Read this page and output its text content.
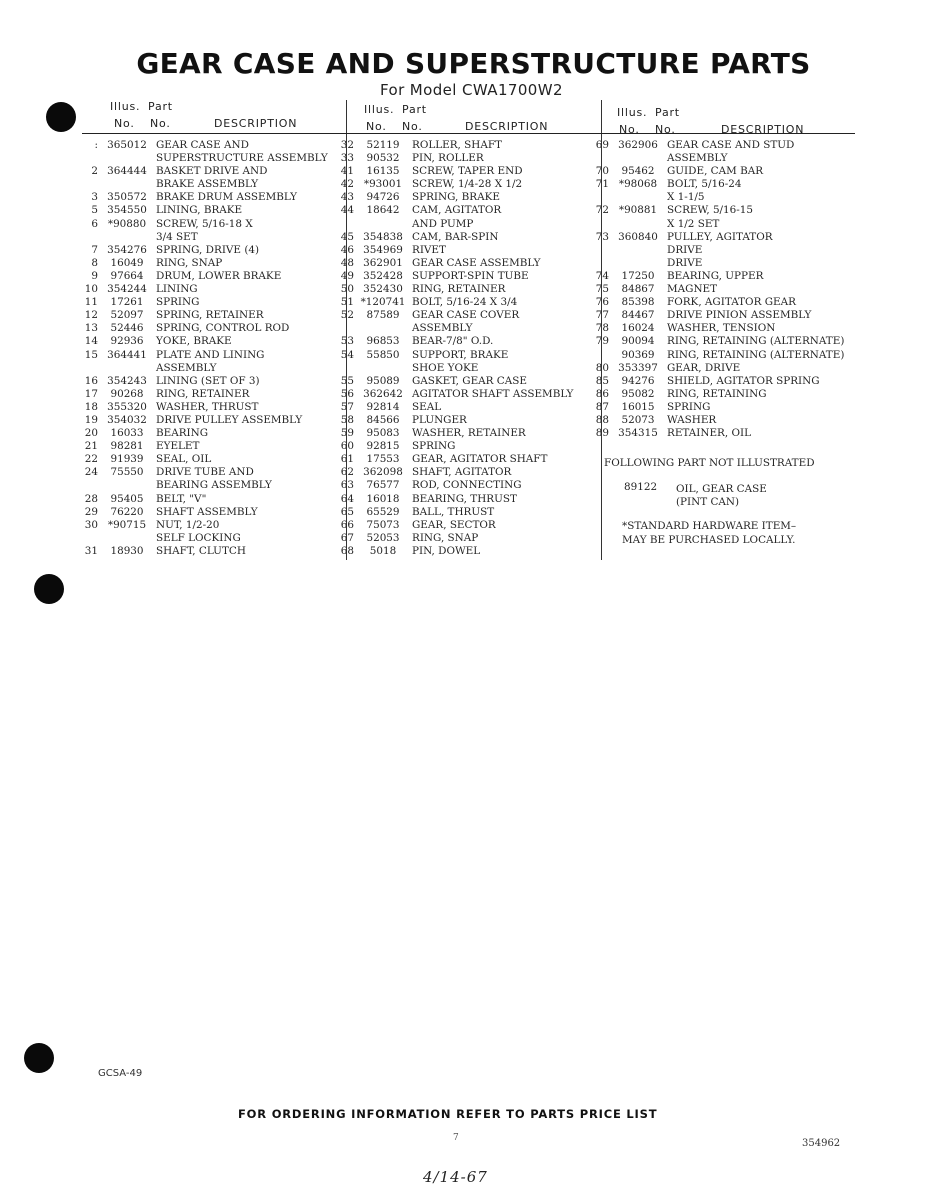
GEAR CASE AND SUPERSTRUCTURE PARTS
For Model CWA1700W2
Illus. Part
No. No.	DESCRIPTION
: 365012 GEAR CASE AND
SUPERSTRUCTURE ASSEMBLY
2 364444 BASKET DRIVE AND
BRAKE ASSEMBLY
3 350572 BRAKE DRUM ASSEMBLY
5 354550 LINING, BRAKE
6 *90880 SCREW, 5/16-18 X
3/4 SET
7 354276 SPRING, DRIVE (4)
8	16049	RING, SNAP
9	97664	DRUM, LOWER BRAKE
10 354244 LINING
11	17261	SPRING
12	52097	SPRING, RETAINER
13	52446	SPRING, CONTROL ROD
14	92936	YOKE, BRAKE
15 364441 PLATE AND LINING
ASSEMBLY
16 354243 LINING (SET OF 3)
17	90268	RING, RETAINER
18 355320 WASHER, THRUST
19 354032 DRIVE PULLEY ASSEMBLY
20	16033	BEARING
21	98281	EYELET
22	91939	SEAL, OIL
24	75550	DRIVE TUBE AND
BEARING ASSEMBLY
28	95405	BELT, "V"
29	76220	SHAFT ASSEMBLY
30 *90715 NUT, 1/2-20
SELF LOCKING
31	18930	SHAFT, CLUTCH
Illus. Part
No. No.	DESCRIPTION
32	52119	ROLLER, SHAFT
33	90532	PIN, ROLLER
41	16135	SCREW, TAPER END
42 *93001 SCREW, 1/4-28 X 1/2
43	94726	SPRING, BRAKE
44	18642	CAM, AGITATOR
AND PUMP
45 354838 CAM, BAR-SPIN
46 354969 RIVET
48 362901 GEAR CASE ASSEMBLY
49 352428 SUPPORT-SPIN TUBE
50 352430 RING, RETAINER
51 *120741 BOLT, 5/16-24 X 3/4
52	87589	GEAR CASE COVER
ASSEMBLY
53	96853	BEAR-7/8" O.D.
54	55850	SUPPORT, BRAKE
SHOE YOKE
55	95089	GASKET, GEAR CASE
56 362642 AGITATOR SHAFT ASSEMBLY
57	92814	SEAL
58	84566	PLUNGER
59	95083	WASHER, RETAINER
60	92815	SPRING
61	17553	GEAR, AGITATOR SHAFT
62 362098 SHAFT, AGITATOR
63	76577	ROD, CONNECTING
64	16018	BEARING, THRUST
65	65529	BALL, THRUST
66	75073	GEAR, SECTOR
67	52053	RING, SNAP
68	5018	PIN, DOWEL
Illus. Part
No. No.	DESCRIPTION
69 362906 GEAR CASE AND STUD
ASSEMBLY
70	95462	GUIDE, CAM BAR
71 *98068 BOLT, 5/16-24
X 1-1/5
72 *90881 SCREW, 5/16-15
X 1/2 SET
73 360840 PULLEY, AGITATOR
DRIVE
DRIVE
74	17250	BEARING, UPPER
75	84867	MAGNET
76	85398	FORK, AGITATOR GEAR
77	84467	DRIVE PINION ASSEMBLY
78	16024	WASHER, TENSION
79	90094	RING, RETAINING (ALTERNATE)
90369	RING, RETAINING (ALTERNATE)
80 353397 GEAR, DRIVE
85	94276	SHIELD, AGITATOR SPRING
86	95082	RING, RETAINING
87	16015	SPRING
88	52073	WASHER
89 354315 RETAINER, OIL
FOLLOWING PART NOT ILLUSTRATED
89122 OIL, GEAR CASE
(PINT CAN)
*STANDARD HARDWARE ITEM–
MAY BE PURCHASED LOCALLY.
GCSA-49
FOR ORDERING INFORMATION REFER TO PARTS PRICE LIST
7	354962
4/14-67
